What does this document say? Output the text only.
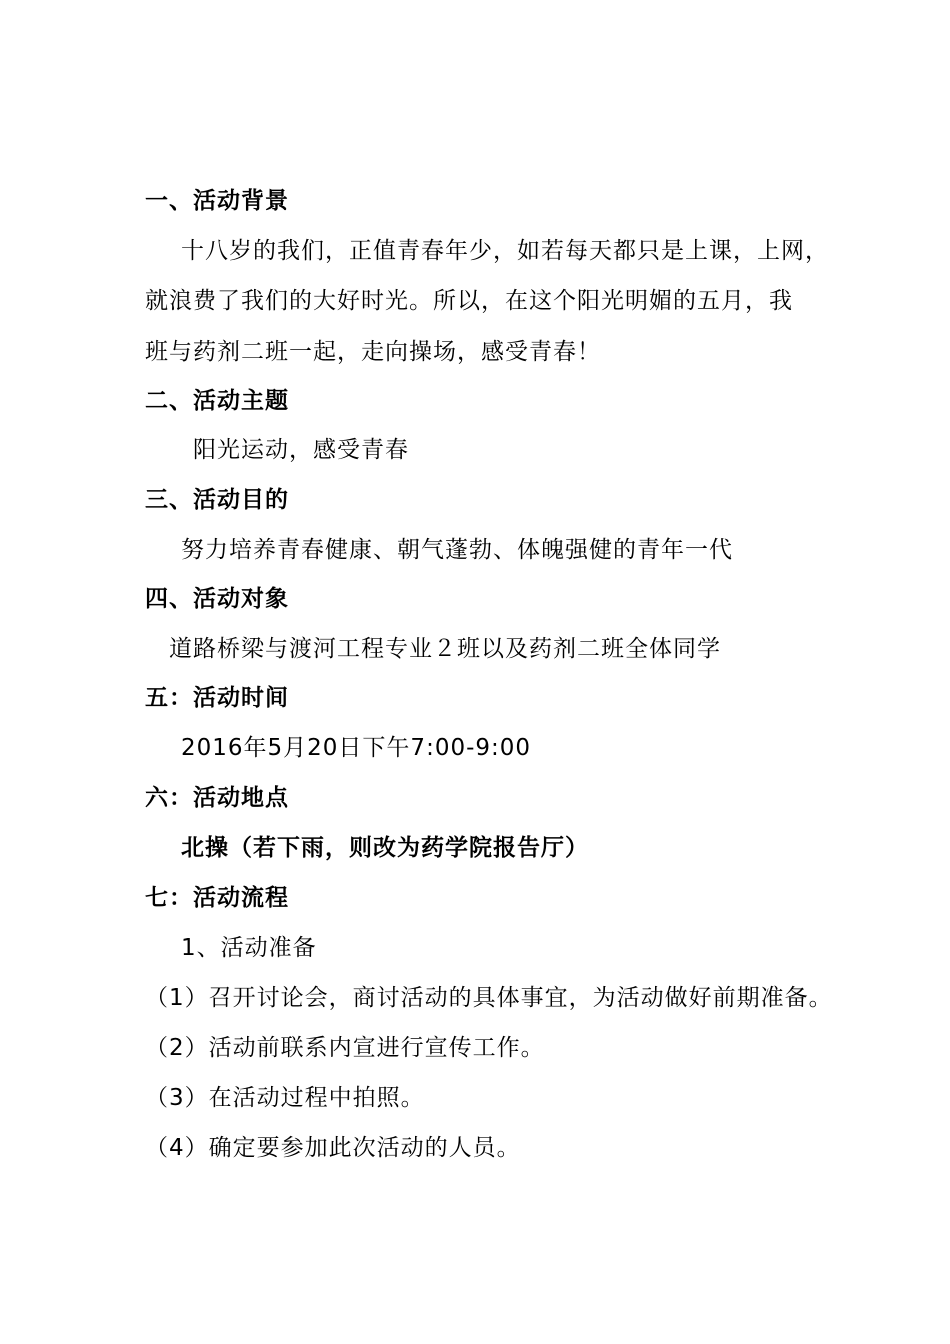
一、活动背景
十八岁的我们，正值青春年少，如若每天都只是上课，上网，
就浪费了我们的大好时光。所以，在这个阳光明媚的五月，我
班与药剂二班一起，走向操场，感受青春！
二、活动主题
阳光运动，感受青春
三、活动目的
努力培养青春健康、朝气蓬勃、体魄强健的青年一代
四、活动对象
道路桥梁与渡河工程专业２班以及药剂二班全体同学
五：活动时间
2016年5月20日下午7:00-9:00
六：活动地点
北操（若下雨，则改为药学院报告厅）
七：活动流程
1、活动准备
（1）召开讨论会，商讨活动的具体事宜，为活动做好前期准备。
（2）活动前联系内宣进行宣传工作。
（3）在活动过程中拍照。
（4）确定要参加此次活动的人员。
